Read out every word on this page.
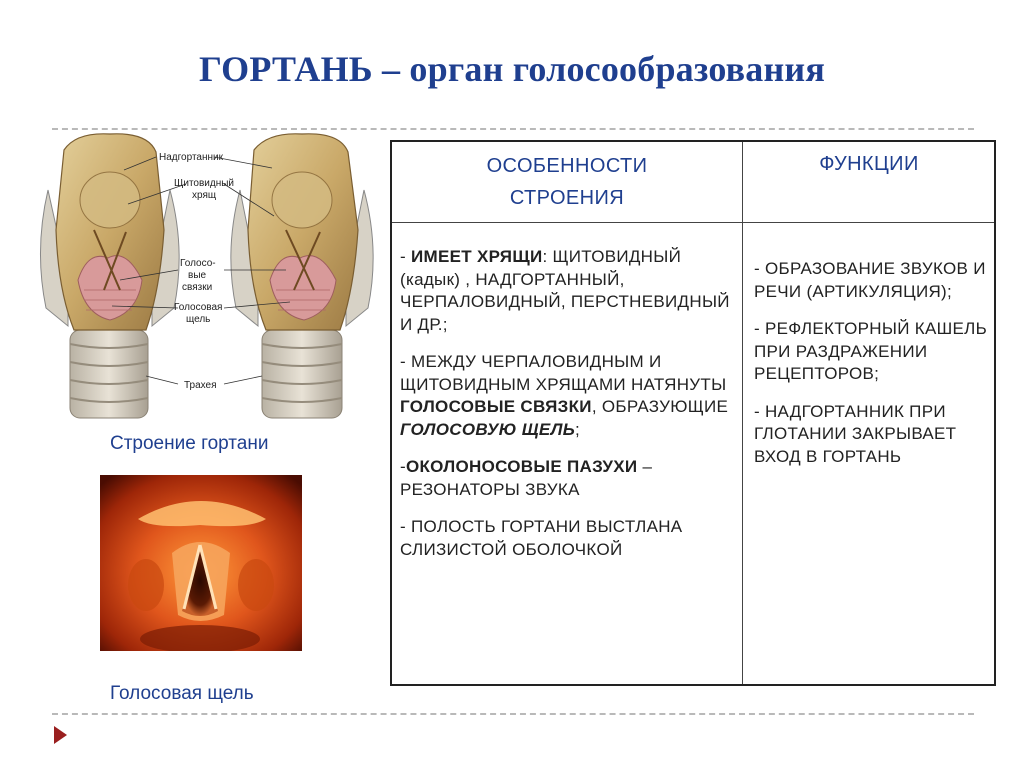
ГОРТАНЬ – орган голосообразования
Надгортанник
Щитовидный
хрящ
Голосо-
вые
связки
Голосовая
щель
Трахея
Строение гортани
Голосовая щель
ОСОБЕННОСТИ
СТРОЕНИЯ
ФУНКЦИИ

- ИМЕЕТ ХРЯЩИ: ЩИТОВИДНЫЙ (кадык) , НАДГОРТАННЫЙ, ЧЕРПАЛОВИДНЫЙ, ПЕРСТНЕВИДНЫЙ И ДР.;

- МЕЖДУ ЧЕРПАЛОВИДНЫМ И ЩИТОВИДНЫМ ХРЯЩАМИ НАТЯНУТЫ ГОЛОСОВЫЕ СВЯЗКИ, ОБРАЗУЮЩИЕ ГОЛОСОВУЮ ЩЕЛЬ;

-ОКОЛОНОСОВЫЕ ПАЗУХИ – РЕЗОНАТОРЫ ЗВУКА

- ПОЛОСТЬ ГОРТАНИ ВЫСТЛАНА СЛИЗИСТОЙ ОБОЛОЧКОЙ

- ОБРАЗОВАНИЕ ЗВУКОВ И РЕЧИ (АРТИКУЛЯЦИЯ);

- РЕФЛЕКТОРНЫЙ КАШЕЛЬ ПРИ РАЗДРАЖЕНИИ РЕЦЕПТОРОВ;

- НАДГОРТАННИК ПРИ ГЛОТАНИИ ЗАКРЫВАЕТ ВХОД В ГОРТАНЬ
